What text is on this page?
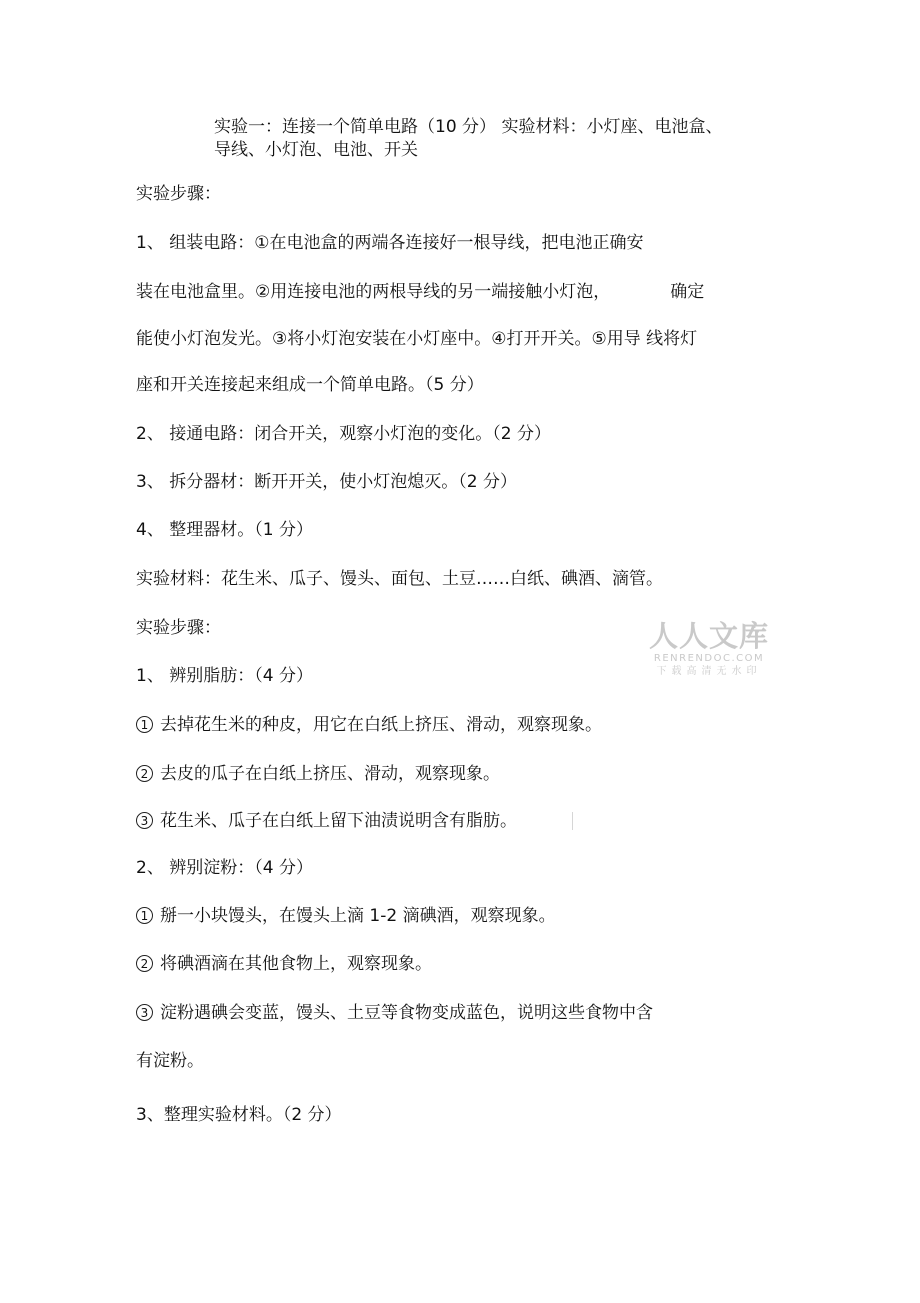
实验一：连接一个简单电路（10 分） 实验材料：小灯座、电池盒、

导线、小灯泡、电池、开关

实验步骤：

1、 组装电路：①在电池盒的两端各连接好一根导线，把电池正确安

装在电池盒里。②用连接电池的两根导线的另一端接触小灯泡，	确定

能使小灯泡发光。③将小灯泡安装在小灯座中。④打开开关。⑤用导 线将灯

座和开关连接起来组成一个简单电路。（5 分）

2、 接通电路：闭合开关，观察小灯泡的变化。（2 分）

3、 拆分器材：断开开关，使小灯泡熄灭。（2 分）

4、 整理器材。（1 分）

实验材料：花生米、瓜子、馒头、面包、土豆……白纸、碘酒、滴管。

实验步骤：

1、 辨别脂肪：（4 分）

1 去掉花生米的种皮，用它在白纸上挤压、滑动，观察现象。

2 去皮的瓜子在白纸上挤压、滑动，观察现象。

3 花生米、瓜子在白纸上留下油渍说明含有脂肪。

2、 辨别淀粉：（4 分）

1 掰一小块馒头，在馒头上滴 1-2 滴碘酒，观察现象。

2 将碘酒滴在其他食物上，观察现象。

3 淀粉遇碘会变蓝，馒头、土豆等食物变成蓝色，说明这些食物中含

有淀粉。

3、整理实验材料。（2 分）

人人文库
RENRENDOC.COM
下载高清无水印
